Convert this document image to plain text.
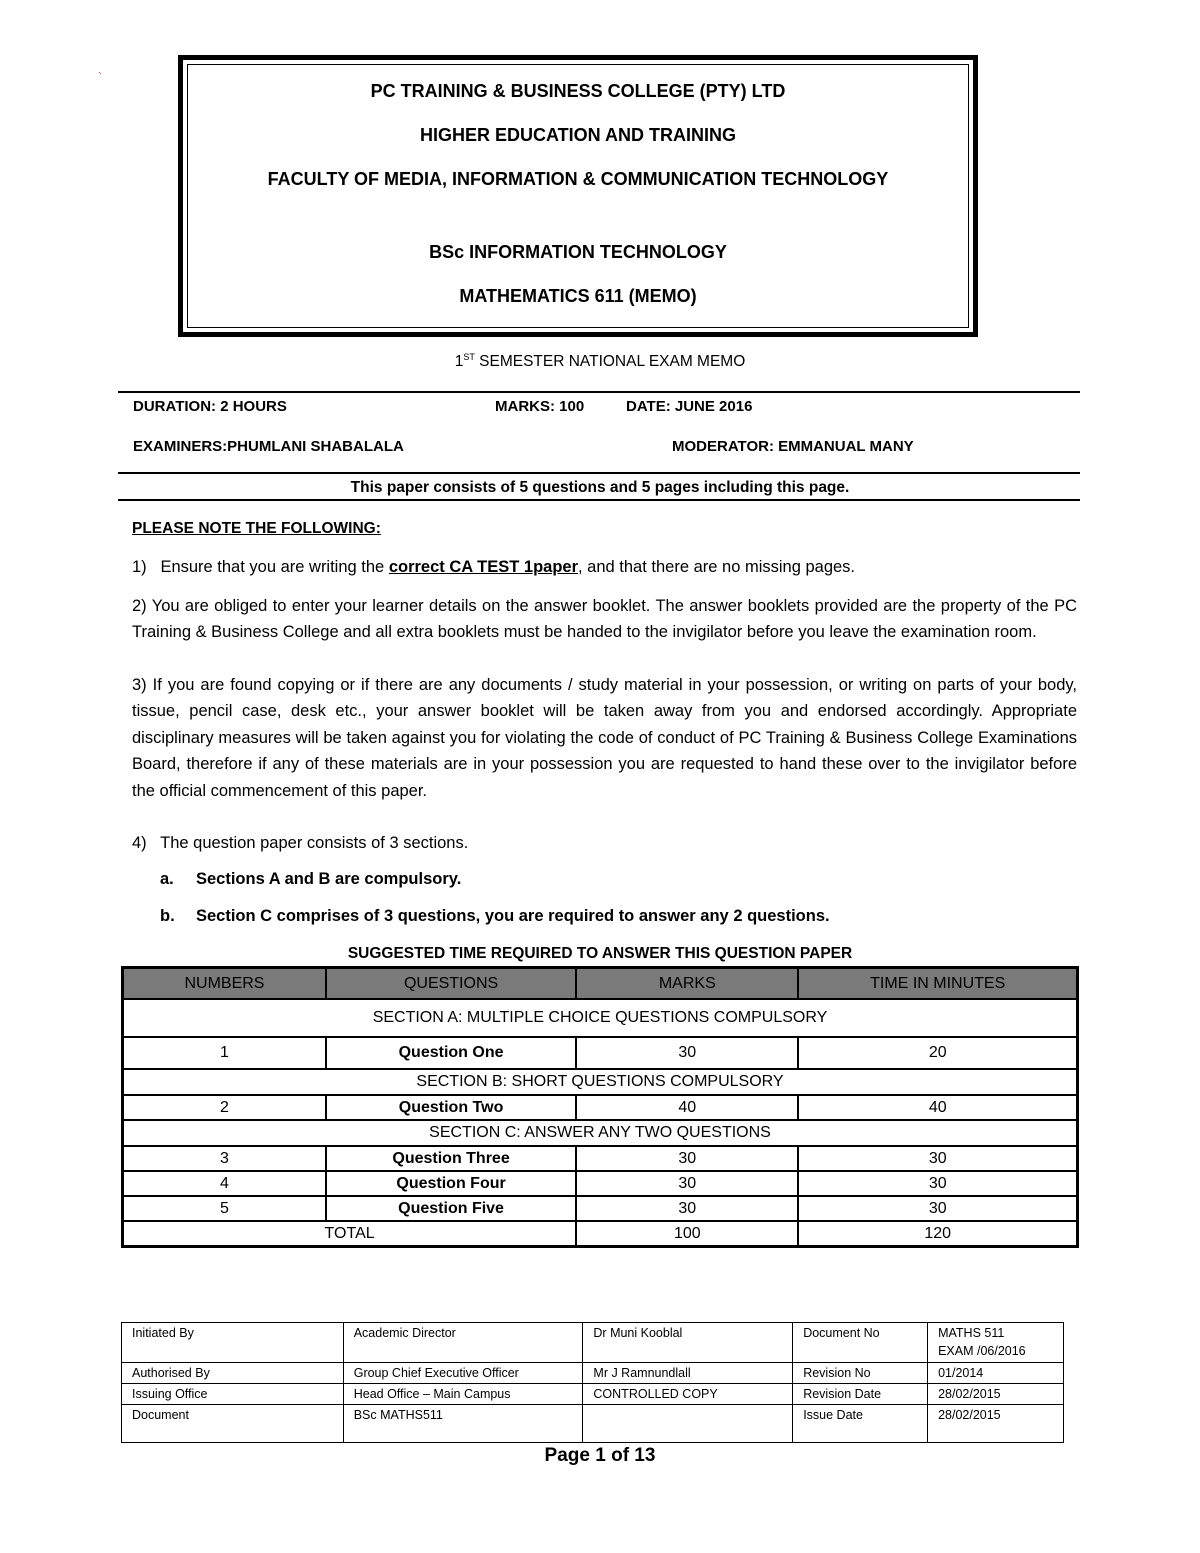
`
PC TRAINING & BUSINESS COLLEGE (PTY) LTD
HIGHER EDUCATION AND TRAINING
FACULTY OF MEDIA, INFORMATION & COMMUNICATION TECHNOLOGY
BSc INFORMATION TECHNOLOGY
MATHEMATICS 611 (MEMO)
1ST SEMESTER NATIONAL EXAM MEMO
DURATION: 2 HOURS	MARKS: 100	DATE: JUNE 2016
EXAMINERS:PHUMLANI SHABALALA	MODERATOR: EMMANUAL MANY
This paper consists of 5 questions and 5 pages including this page.
PLEASE NOTE THE FOLLOWING:
1) Ensure that you are writing the correct CA TEST 1paper, and that there are no missing pages.
2) You are obliged to enter your learner details on the answer booklet. The answer booklets provided are the property of the PC Training & Business College and all extra booklets must be handed to the invigilator before you leave the examination room.
3) If you are found copying or if there are any documents / study material in your possession, or writing on parts of your body, tissue, pencil case, desk etc., your answer booklet will be taken away from you and endorsed accordingly. Appropriate disciplinary measures will be taken against you for violating the code of conduct of PC Training & Business College Examinations Board, therefore if any of these materials are in your possession you are requested to hand these over to the invigilator before the official commencement of this paper.
4) The question paper consists of 3 sections.
a. Sections A and B are compulsory.
b. Section C comprises of 3 questions, you are required to answer any 2 questions.
SUGGESTED TIME REQUIRED TO ANSWER THIS QUESTION PAPER
NUMBERS	QUESTIONS	MARKS	TIME IN MINUTES
SECTION A: MULTIPLE CHOICE QUESTIONS COMPULSORY			
1	Question One	30	20
SECTION B: SHORT QUESTIONS COMPULSORY			
2	Question Two	40	40
SECTION C: ANSWER ANY TWO QUESTIONS			
3	Question Three	30	30
4	Question Four	30	30
5	Question Five	30	30
TOTAL		100	120
Initiated By	Academic Director	Dr Muni Kooblal	Document No	MATHS 511
EXAM /06/2016
Authorised By	Group Chief Executive Officer	Mr J Ramnundlall	Revision No	01/2014
Issuing Office	Head Office – Main Campus	CONTROLLED COPY	Revision Date	28/02/2015
Document	BSc MATHS511		Issue Date	28/02/2015
Page 1 of 13
